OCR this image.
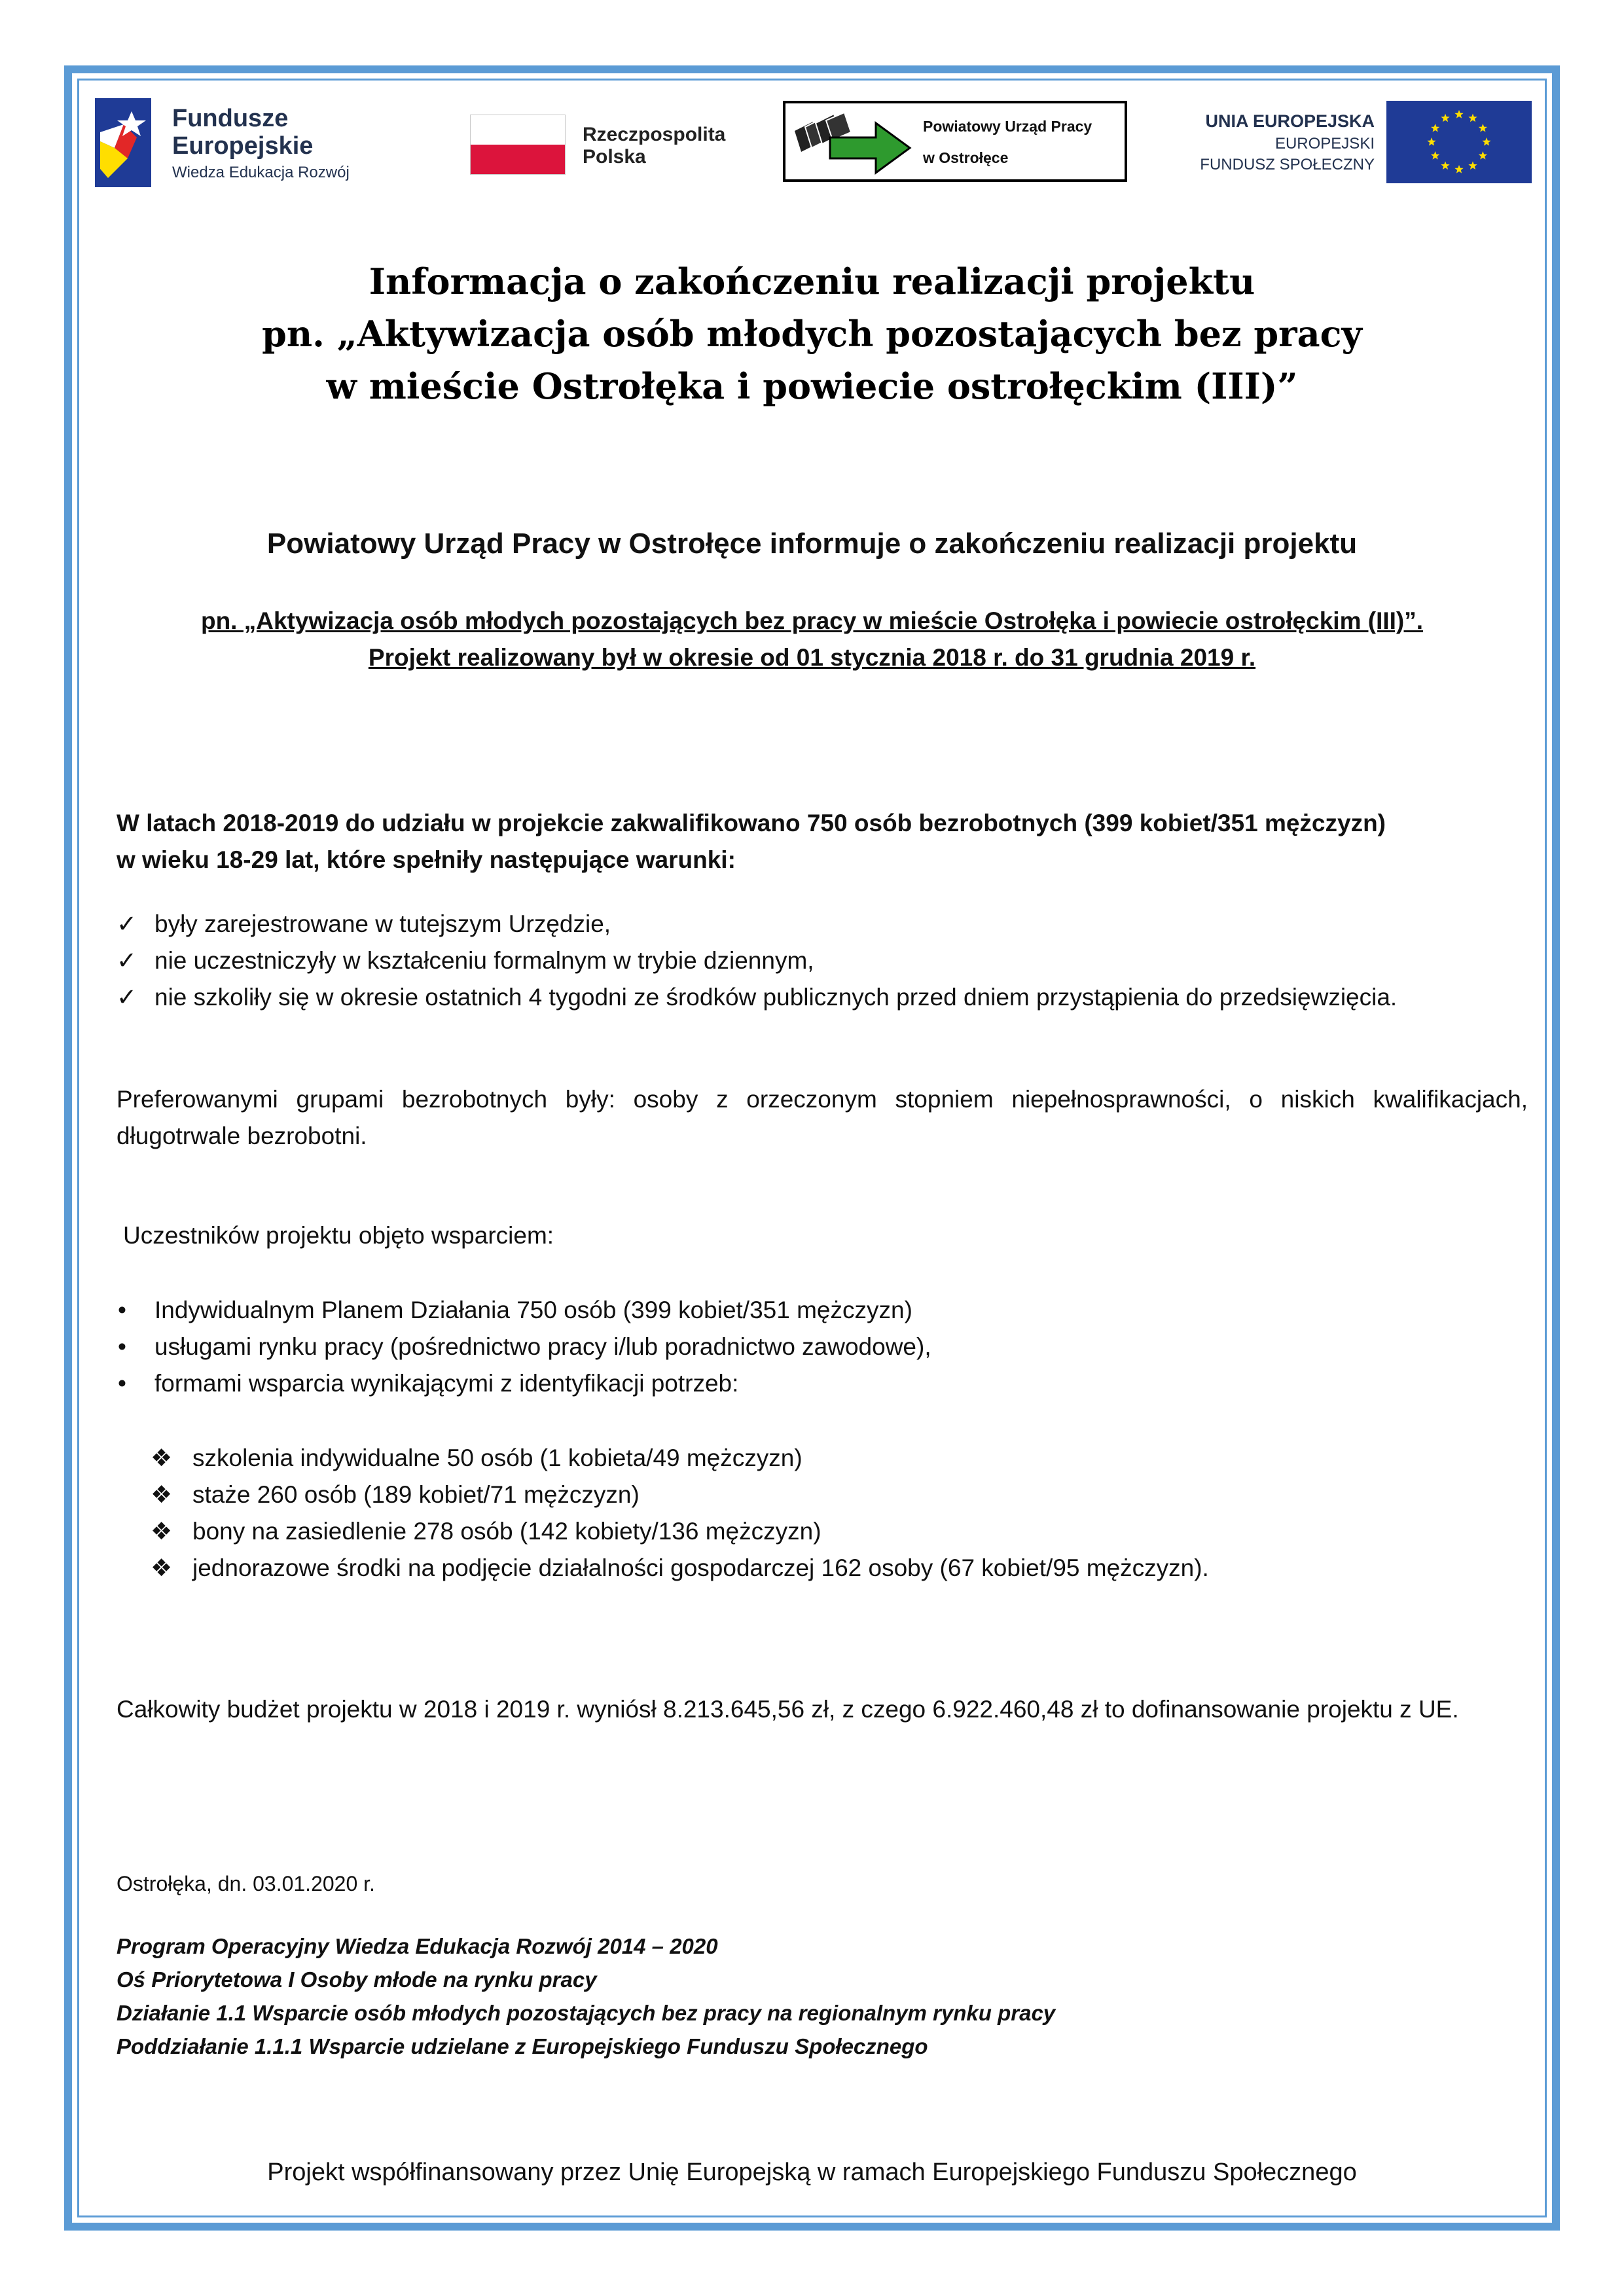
Fundusze
Europejskie
Wiedza Edukacja Rozwój
Rzeczpospolita
Polska
Powiatowy Urząd Pracy
w Ostrołęce
UNIA EUROPEJSKA
EUROPEJSKI
FUNDUSZ SPOŁECZNY
Informacja o zakończeniu realizacji projektu
pn. „Aktywizacja osób młodych pozostających bez pracy
w mieście Ostrołęka i powiecie ostrołęckim (III)”
Powiatowy Urząd Pracy w Ostrołęce informuje o zakończeniu realizacji projektu
pn. „Aktywizacja osób młodych pozostających bez pracy w mieście Ostrołęka i powiecie ostrołęckim (III)”.
Projekt realizowany był w okresie od 01 stycznia 2018 r. do 31 grudnia 2019 r.
W latach 2018-2019 do udziału w projekcie zakwalifikowano 750 osób bezrobotnych (399 kobiet/351 mężczyzn)
w wieku 18-29 lat, które spełniły następujące warunki:
✓ były zarejestrowane w tutejszym Urzędzie,
✓ nie uczestniczyły w kształceniu formalnym w trybie dziennym,
✓ nie szkoliły się w okresie ostatnich 4 tygodni ze środków publicznych przed dniem przystąpienia do przedsięwzięcia.
Preferowanymi grupami bezrobotnych były: osoby z orzeczonym stopniem niepełnosprawności, o niskich kwalifikacjach, długotrwale bezrobotni.
Uczestników projektu objęto wsparciem:
• Indywidualnym Planem Działania 750 osób (399 kobiet/351 mężczyzn)
• usługami rynku pracy (pośrednictwo pracy i/lub poradnictwo zawodowe),
• formami wsparcia wynikającymi z identyfikacji potrzeb:
❖ szkolenia indywidualne 50 osób (1 kobieta/49 mężczyzn)
❖ staże 260 osób (189 kobiet/71 mężczyzn)
❖ bony na zasiedlenie 278 osób (142 kobiety/136 mężczyzn)
❖ jednorazowe środki na podjęcie działalności gospodarczej 162 osoby (67 kobiet/95 mężczyzn).
Całkowity budżet projektu w 2018 i 2019 r. wyniósł 8.213.645,56 zł, z czego 6.922.460,48 zł to dofinansowanie projektu z UE.
Ostrołęka, dn. 03.01.2020 r.
Program Operacyjny Wiedza Edukacja Rozwój 2014 – 2020
Oś Priorytetowa I Osoby młode na rynku pracy
Działanie 1.1 Wsparcie osób młodych pozostających bez pracy na regionalnym rynku pracy
Poddziałanie 1.1.1 Wsparcie udzielane z Europejskiego Funduszu Społecznego
Projekt współfinansowany przez Unię Europejską w ramach Europejskiego Funduszu Społecznego
